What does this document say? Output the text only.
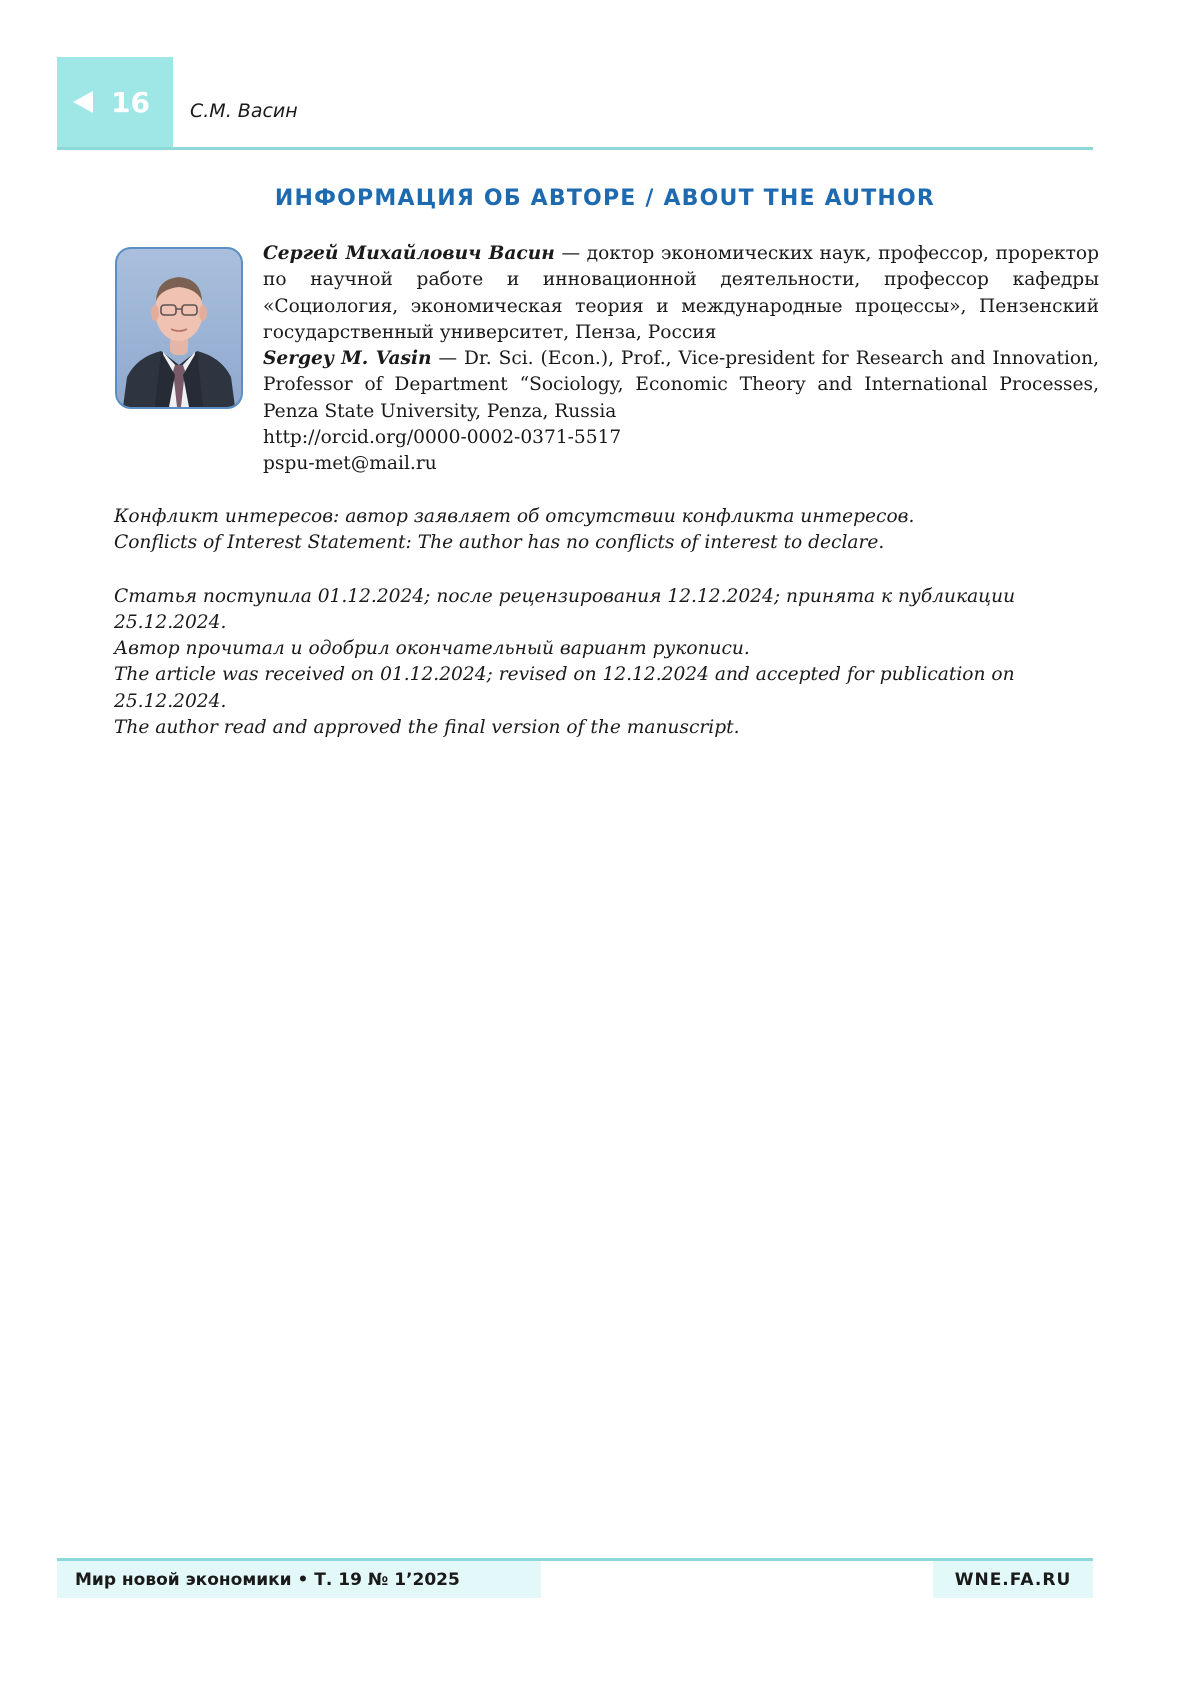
16 С.М. Васин
ИНФОРМАЦИЯ ОБ АВТОРЕ / ABOUT THE AUTHOR

Сергей Михайлович Васин — доктор экономических наук, профессор, проректор по научной работе и инновационной деятельности, профессор кафедры «Социология, экономическая теория и международные процессы», Пензенский государственный университет, Пенза, Россия

Sergey M. Vasin — Dr. Sci. (Econ.), Prof., Vice-president for Research and Innovation, Professor of Department “Sociology, Economic Theory and International Processes, Penza State University, Penza, Russia

http://orcid.org/0000-0002-0371-5517

pspu-met@mail.ru

Конфликт интересов: автор заявляет об отсутствии конфликта интересов.

Conflicts of Interest Statement: The author has no conflicts of interest to declare.

Статья поступила 01.12.2024; после рецензирования 12.12.2024; принята к публикации 25.12.2024.

Автор прочитал и одобрил окончательный вариант рукописи.

The article was received on 01.12.2024; revised on 12.12.2024 and accepted for publication on 25.12.2024.

The author read and approved the final version of the manuscript.

Мир новой экономики • Т. 19 № 1’2025	WNE.FA.RU
